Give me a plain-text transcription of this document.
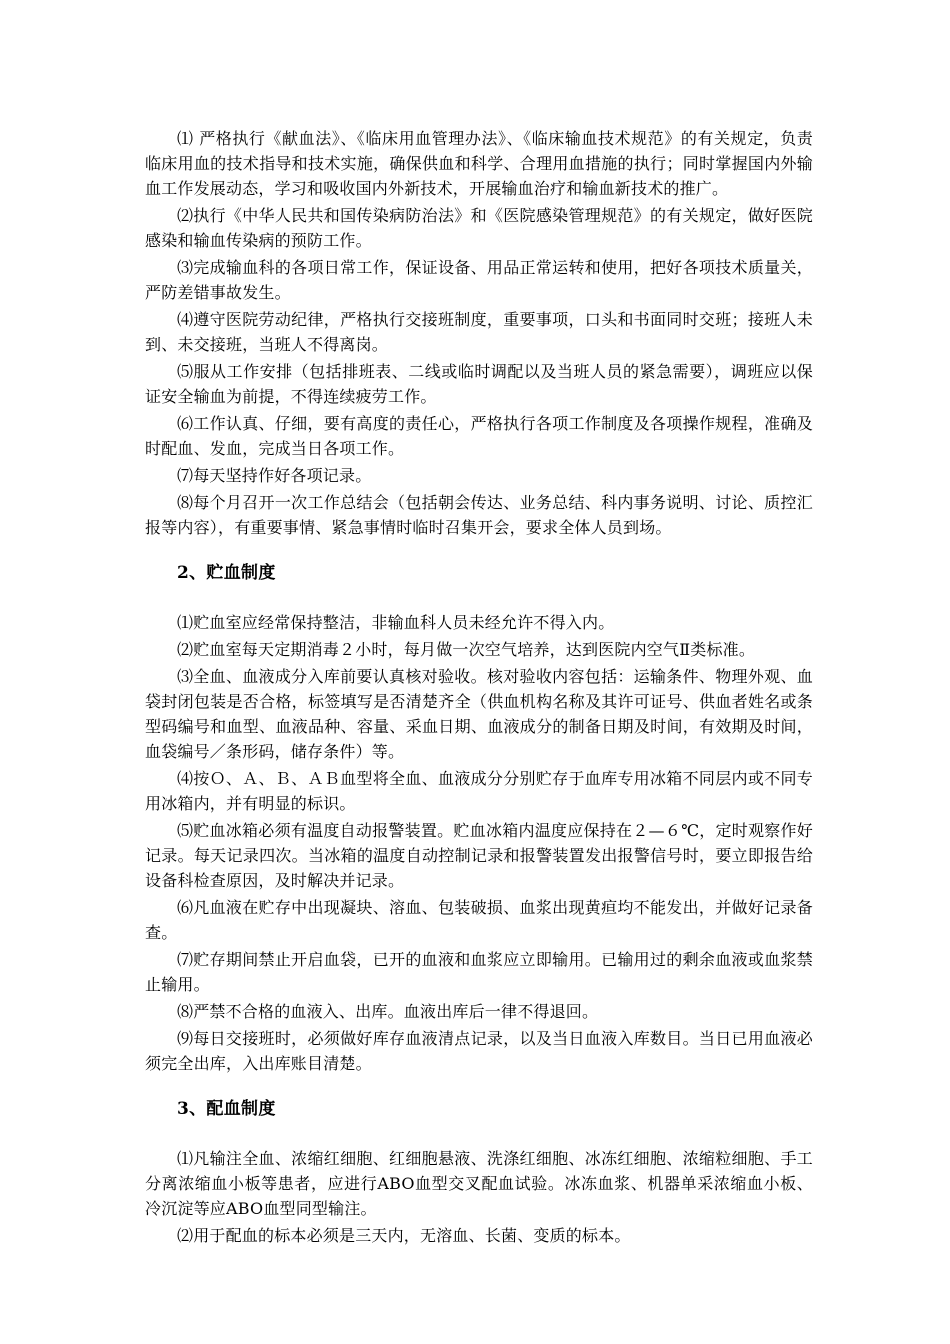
⑴ 严格执行《献血法》、《临床用血管理办法》、《临床输血技术规范》的有关规定，负责临床用血的技术指导和技术实施，确保供血和科学、合理用血措施的执行；同时掌握国内外输血工作发展动态，学习和吸收国内外新技术，开展输血治疗和输血新技术的推广。

⑵执行《中华人民共和国传染病防治法》和《医院感染管理规范》的有关规定，做好医院感染和输血传染病的预防工作。

⑶完成输血科的各项日常工作，保证设备、用品正常运转和使用，把好各项技术质量关，严防差错事故发生。

⑷遵守医院劳动纪律，严格执行交接班制度，重要事项，口头和书面同时交班；接班人未到、未交接班，当班人不得离岗。

⑸服从工作安排（包括排班表、二线或临时调配以及当班人员的紧急需要），调班应以保证安全输血为前提，不得连续疲劳工作。

⑹工作认真、仔细，要有高度的责任心，严格执行各项工作制度及各项操作规程，准确及时配血、发血，完成当日各项工作。

⑺每天坚持作好各项记录。

⑻每个月召开一次工作总结会（包括朝会传达、业务总结、科内事务说明、讨论、质控汇报等内容），有重要事情、紧急事情时临时召集开会，要求全体人员到场。

2、贮血制度

⑴贮血室应经常保持整洁，非输血科人员未经允许不得入内。

⑵贮血室每天定期消毒２小时，每月做一次空气培养，达到医院内空气Ⅱ类标准。

⑶全血、血液成分入库前要认真核对验收。核对验收内容包括：运输条件、物理外观、血袋封闭包装是否合格，标签填写是否清楚齐全（供血机构名称及其许可证号、供血者姓名或条型码编号和血型、血液品种、容量、采血日期、血液成分的制备日期及时间，有效期及时间，血袋编号／条形码，储存条件）等。

⑷按Ｏ、Ａ、Ｂ、ＡＢ血型将全血、血液成分分别贮存于血库专用冰箱不同层内或不同专用冰箱内，并有明显的标识。

⑸贮血冰箱必须有温度自动报警装置。贮血冰箱内温度应保持在２—６℃，定时观察作好记录。每天记录四次。当冰箱的温度自动控制记录和报警装置发出报警信号时，要立即报告给设备科检查原因，及时解决并记录。

⑹凡血液在贮存中出现凝块、溶血、包装破损、血浆出现黄疸均不能发出，并做好记录备查。

⑺贮存期间禁止开启血袋，已开的血液和血浆应立即输用。已输用过的剩余血液或血浆禁止输用。

⑻严禁不合格的血液入、出库。血液出库后一律不得退回。

⑼每日交接班时，必须做好库存血液清点记录，以及当日血液入库数目。当日已用血液必须完全出库，入出库账目清楚。

3、配血制度

⑴凡输注全血、浓缩红细胞、红细胞悬液、洗涤红细胞、冰冻红细胞、浓缩粒细胞、手工分离浓缩血小板等患者，应进行ABO血型交叉配血试验。冰冻血浆、机器单采浓缩血小板、冷沉淀等应ABO血型同型输注。

⑵用于配血的标本必须是三天内，无溶血、长菌、变质的标本。
